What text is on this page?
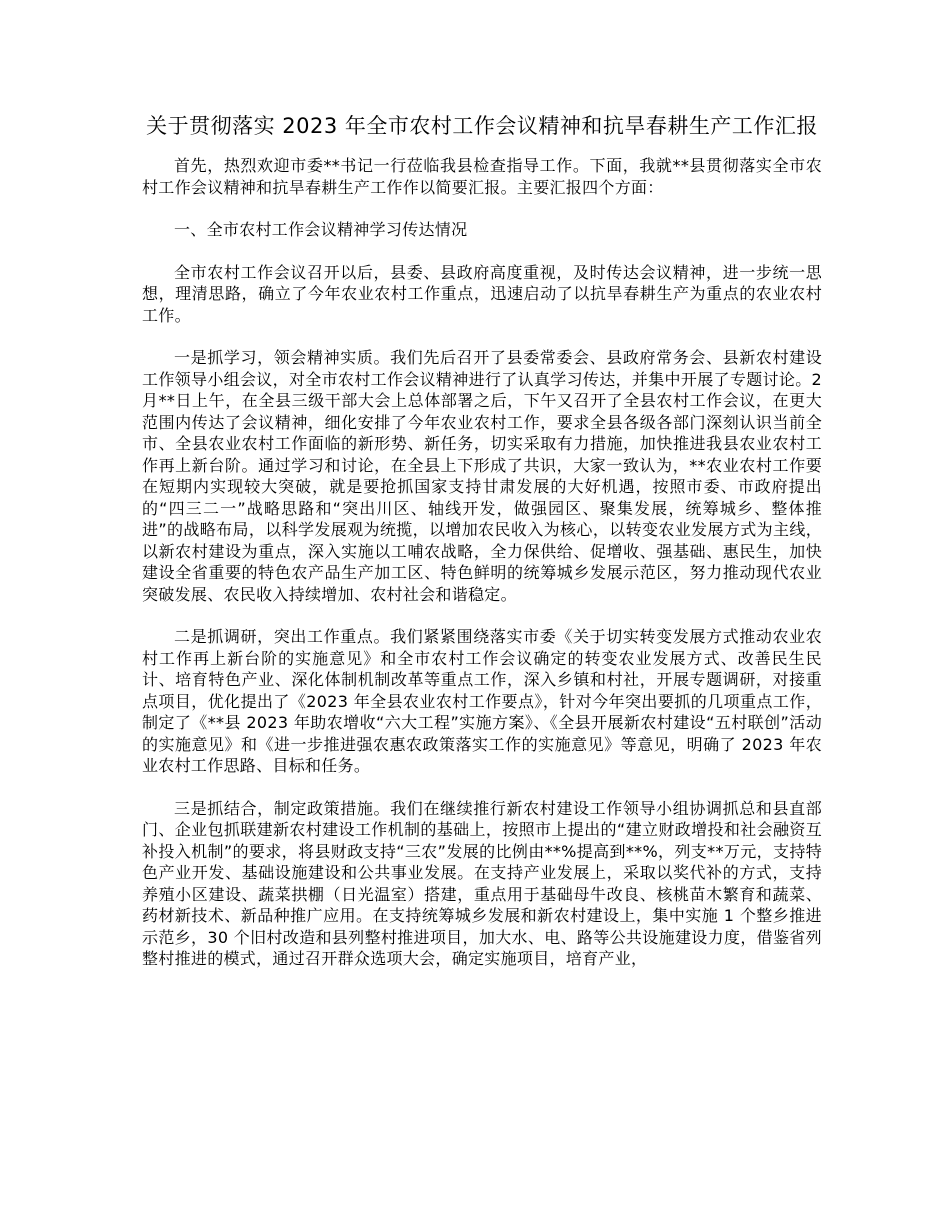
关于贯彻落实 2023 年全市农村工作会议精神和抗旱春耕生产工作汇报

首先，热烈欢迎市委**书记一行莅临我县检查指导工作。下面，我就**县贯彻落实全市农村工作会议精神和抗旱春耕生产工作作以简要汇报。主要汇报四个方面：

一、全市农村工作会议精神学习传达情况

全市农村工作会议召开以后，县委、县政府高度重视，及时传达会议精神，进一步统一思想，理清思路，确立了今年农业农村工作重点，迅速启动了以抗旱春耕生产为重点的农业农村工作。

一是抓学习，领会精神实质。我们先后召开了县委常委会、县政府常务会、县新农村建设工作领导小组会议，对全市农村工作会议精神进行了认真学习传达，并集中开展了专题讨论。2 月**日上午，在全县三级干部大会上总体部署之后，下午又召开了全县农村工作会议，在更大范围内传达了会议精神，细化安排了今年农业农村工作，要求全县各级各部门深刻认识当前全市、全县农业农村工作面临的新形势、新任务，切实采取有力措施，加快推进我县农业农村工作再上新台阶。通过学习和讨论，在全县上下形成了共识，大家一致认为，**农业农村工作要在短期内实现较大突破，就是要抢抓国家支持甘肃发展的大好机遇，按照市委、市政府提出的“四三二一”战略思路和“突出川区、轴线开发，做强园区、聚集发展，统筹城乡、整体推进”的战略布局，以科学发展观为统揽，以增加农民收入为核心，以转变农业发展方式为主线，以新农村建设为重点，深入实施以工哺农战略，全力保供给、促增收、强基础、惠民生，加快建设全省重要的特色农产品生产加工区、特色鲜明的统筹城乡发展示范区，努力推动现代农业突破发展、农民收入持续增加、农村社会和谐稳定。

二是抓调研，突出工作重点。我们紧紧围绕落实市委《关于切实转变发展方式推动农业农村工作再上新台阶的实施意见》和全市农村工作会议确定的转变农业发展方式、改善民生民计、培育特色产业、深化体制机制改革等重点工作，深入乡镇和村社，开展专题调研，对接重点项目，优化提出了《2023 年全县农业农村工作要点》，针对今年突出要抓的几项重点工作，制定了《**县 2023 年助农增收“六大工程”实施方案》、《全县开展新农村建设“五村联创”活动的实施意见》和《进一步推进强农惠农政策落实工作的实施意见》等意见，明确了 2023 年农业农村工作思路、目标和任务。

三是抓结合，制定政策措施。我们在继续推行新农村建设工作领导小组协调抓总和县直部门、企业包抓联建新农村建设工作机制的基础上，按照市上提出的“建立财政增投和社会融资互补投入机制”的要求，将县财政支持“三农”发展的比例由**%提高到**%，列支**万元，支持特色产业开发、基础设施建设和公共事业发展。在支持产业发展上，采取以奖代补的方式，支持养殖小区建设、蔬菜拱棚（日光温室）搭建，重点用于基础母牛改良、核桃苗木繁育和蔬菜、药材新技术、新品种推广应用。在支持统筹城乡发展和新农村建设上，集中实施 1 个整乡推进示范乡，30 个旧村改造和县列整村推进项目，加大水、电、路等公共设施建设力度，借鉴省列整村推进的模式，通过召开群众选项大会，确定实施项目，培育产业，
